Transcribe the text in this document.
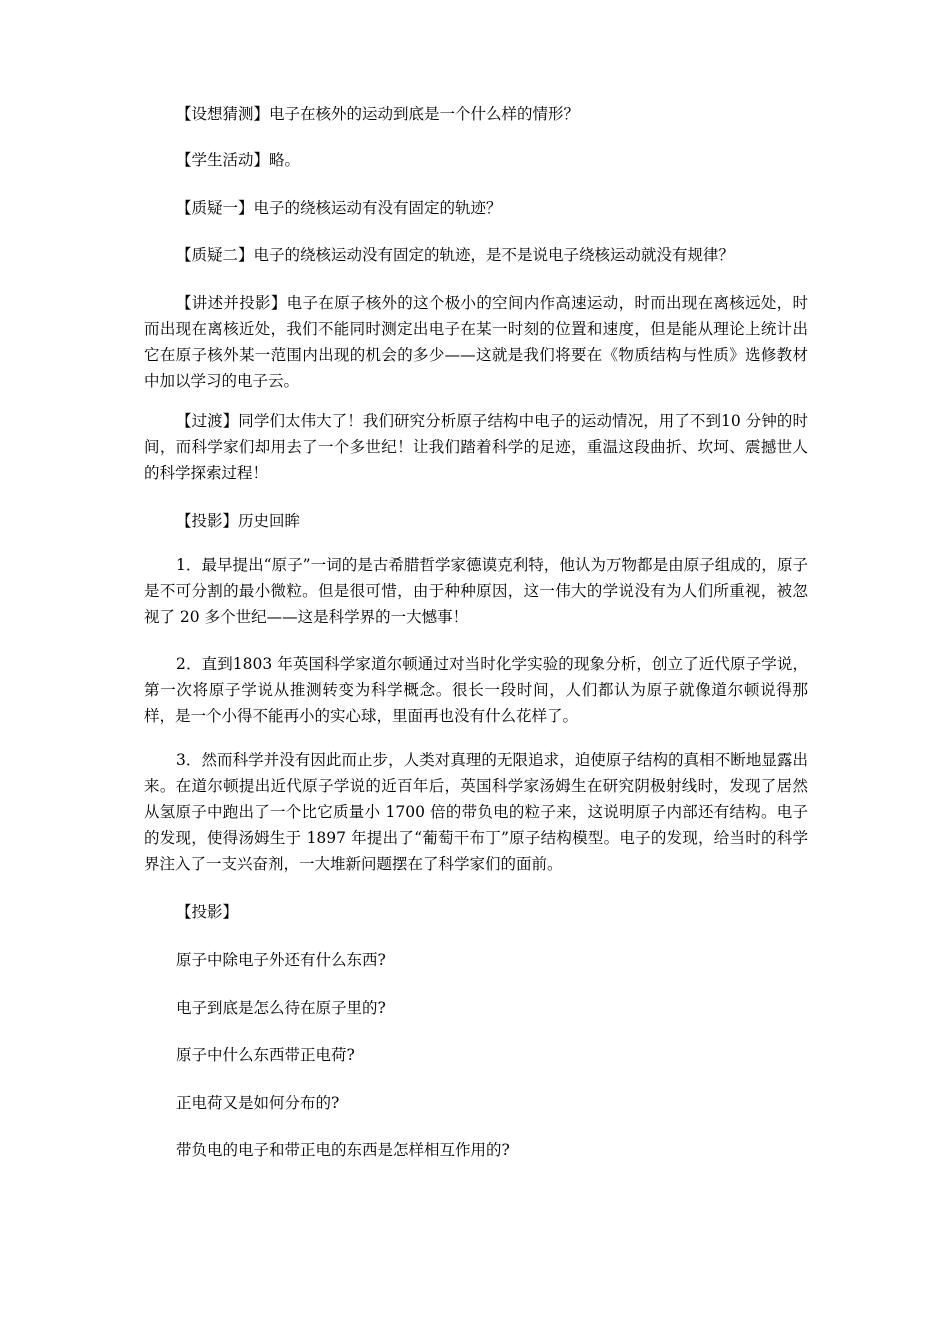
【设想猜测】电子在核外的运动到底是一个什么样的情形？

【学生活动】略。

【质疑一】电子的绕核运动有没有固定的轨迹？

【质疑二】电子的绕核运动没有固定的轨迹，是不是说电子绕核运动就没有规律？

【讲述并投影】电子在原子核外的这个极小的空间内作高速运动，时而出现在离核远处，时而出现在离核近处，我们不能同时测定出电子在某一时刻的位置和速度，但是能从理论上统计出它在原子核外某一范围内出现的机会的多少——这就是我们将要在《物质结构与性质》选修教材中加以学习的电子云。

【过渡】同学们太伟大了！我们研究分析原子结构中电子的运动情况，用了不到10 分钟的时间，而科学家们却用去了一个多世纪！让我们踏着科学的足迹，重温这段曲折、坎坷、震撼世人的科学探索过程！

【投影】历史回眸

1．最早提出“原子”一词的是古希腊哲学家德谟克利特，他认为万物都是由原子组成的，原子是不可分割的最小微粒。但是很可惜，由于种种原因，这一伟大的学说没有为人们所重视，被忽视了 20 多个世纪——这是科学界的一大憾事！

2．直到1803 年英国科学家道尔顿通过对当时化学实验的现象分析，创立了近代原子学说，第一次将原子学说从推测转变为科学概念。很长一段时间，人们都认为原子就像道尔顿说得那样，是一个小得不能再小的实心球，里面再也没有什么花样了。

3．然而科学并没有因此而止步，人类对真理的无限追求，迫使原子结构的真相不断地显露出来。在道尔顿提出近代原子学说的近百年后，英国科学家汤姆生在研究阴极射线时，发现了居然从氢原子中跑出了一个比它质量小 1700 倍的带负电的粒子来，这说明原子内部还有结构。电子的发现，使得汤姆生于 1897 年提出了“葡萄干布丁”原子结构模型。电子的发现，给当时的科学界注入了一支兴奋剂，一大堆新问题摆在了科学家们的面前。

【投影】

原子中除电子外还有什么东西?

电子到底是怎么待在原子里的?

原子中什么东西带正电荷?

正电荷又是如何分布的?

带负电的电子和带正电的东西是怎样相互作用的?
